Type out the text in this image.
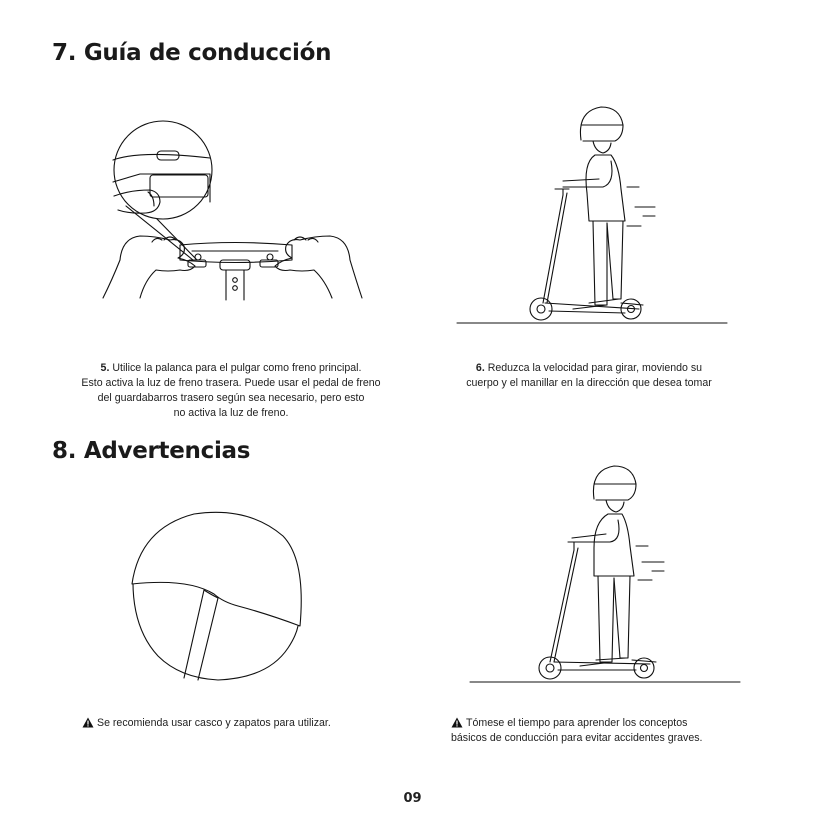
7. Guía de conducción
5. Utilice la palanca para el pulgar como freno principal.
Esto activa la luz de freno trasera. Puede usar el pedal de freno
del guardabarros trasero según sea necesario, pero esto
no activa la luz de freno.
6. Reduzca la velocidad para girar, moviendo su
cuerpo y el manillar en la dirección que desea tomar
8. Advertencias
Se recomienda usar casco y zapatos para utilizar.	Tómese el tiempo para aprender los conceptos
básicos de conducción para evitar accidentes graves.
09
